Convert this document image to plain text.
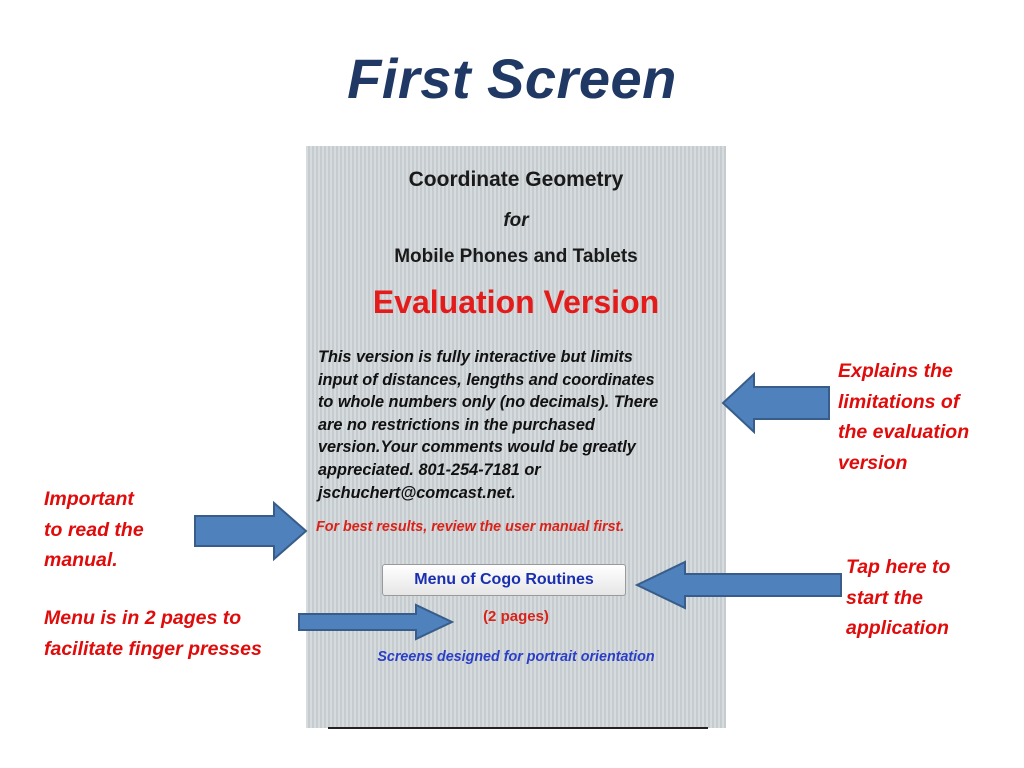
First Screen
Coordinate Geometry
for
Mobile Phones and Tablets
Evaluation Version
This version is fully interactive but limits
input of distances, lengths and coordinates
to whole numbers only (no decimals). There
are no restrictions in the purchased
version.Your comments would be greatly
appreciated. 801-254-7181 or
jschuchert@comcast.net.
For best results, review the user manual first.
Menu of Cogo Routines
(2 pages)
Screens designed for portrait orientation
Explains the
limitations of
the evaluation
version
Important
to read the
manual.
Menu is in 2 pages to
facilitate finger presses
Tap here to
start the
application
